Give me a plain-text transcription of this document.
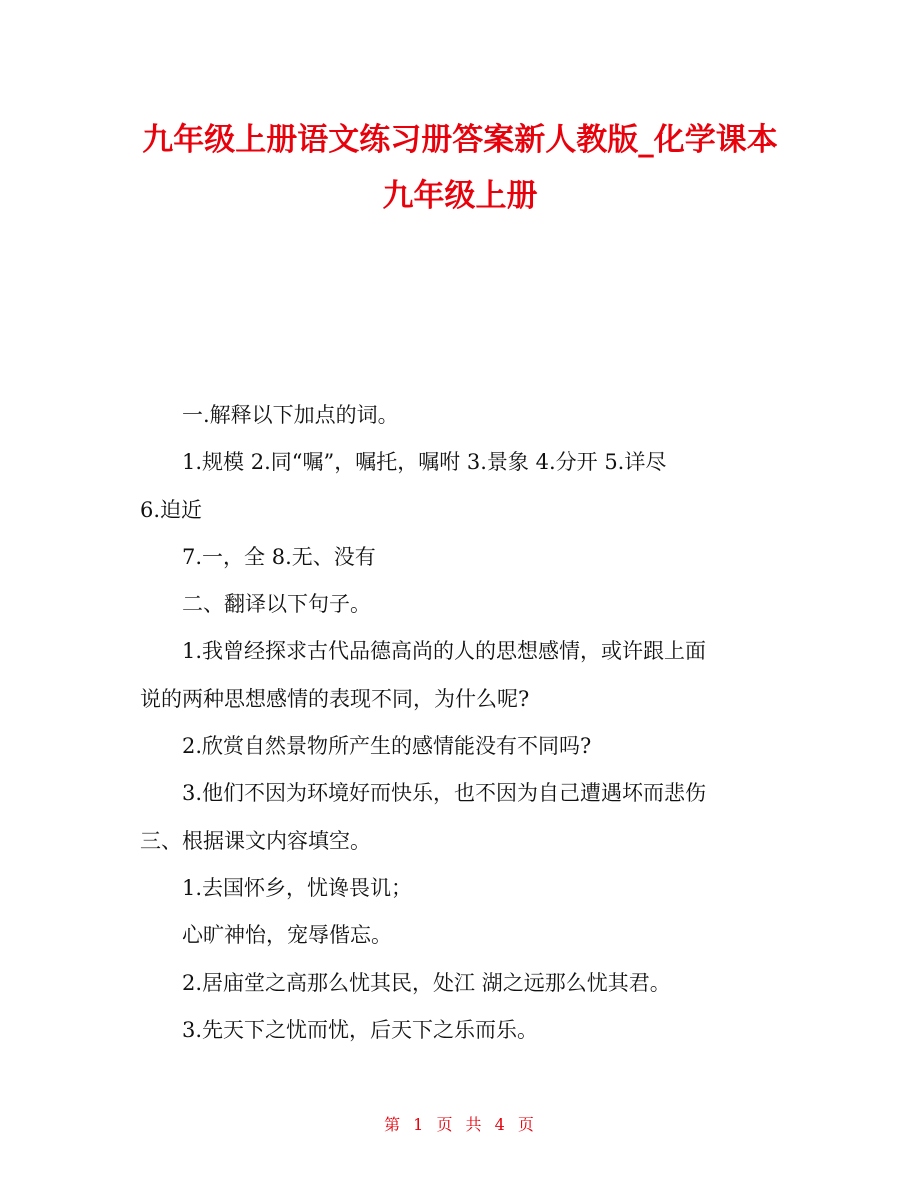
九年级上册语文练习册答案新人教版_化学课本
九年级上册
一.解释以下加点的词。
1.规模 2.同“嘱”，嘱托，嘱咐 3.景象 4.分开 5.详尽
6.迫近
7.一，全 8.无、没有
二、翻译以下句子。
1.我曾经探求古代品德高尚的人的思想感情，或许跟上面
说的两种思想感情的表现不同，为什么呢?
2.欣赏自然景物所产生的感情能没有不同吗?
3.他们不因为环境好而快乐，也不因为自己遭遇坏而悲伤
三、根据课文内容填空。
1.去国怀乡，忧谗畏讥；
心旷神怡，宠辱偕忘。
2.居庙堂之高那么忧其民，处江 湖之远那么忧其君。
3.先天下之忧而忧，后天下之乐而乐。
第 1 页 共 4 页
